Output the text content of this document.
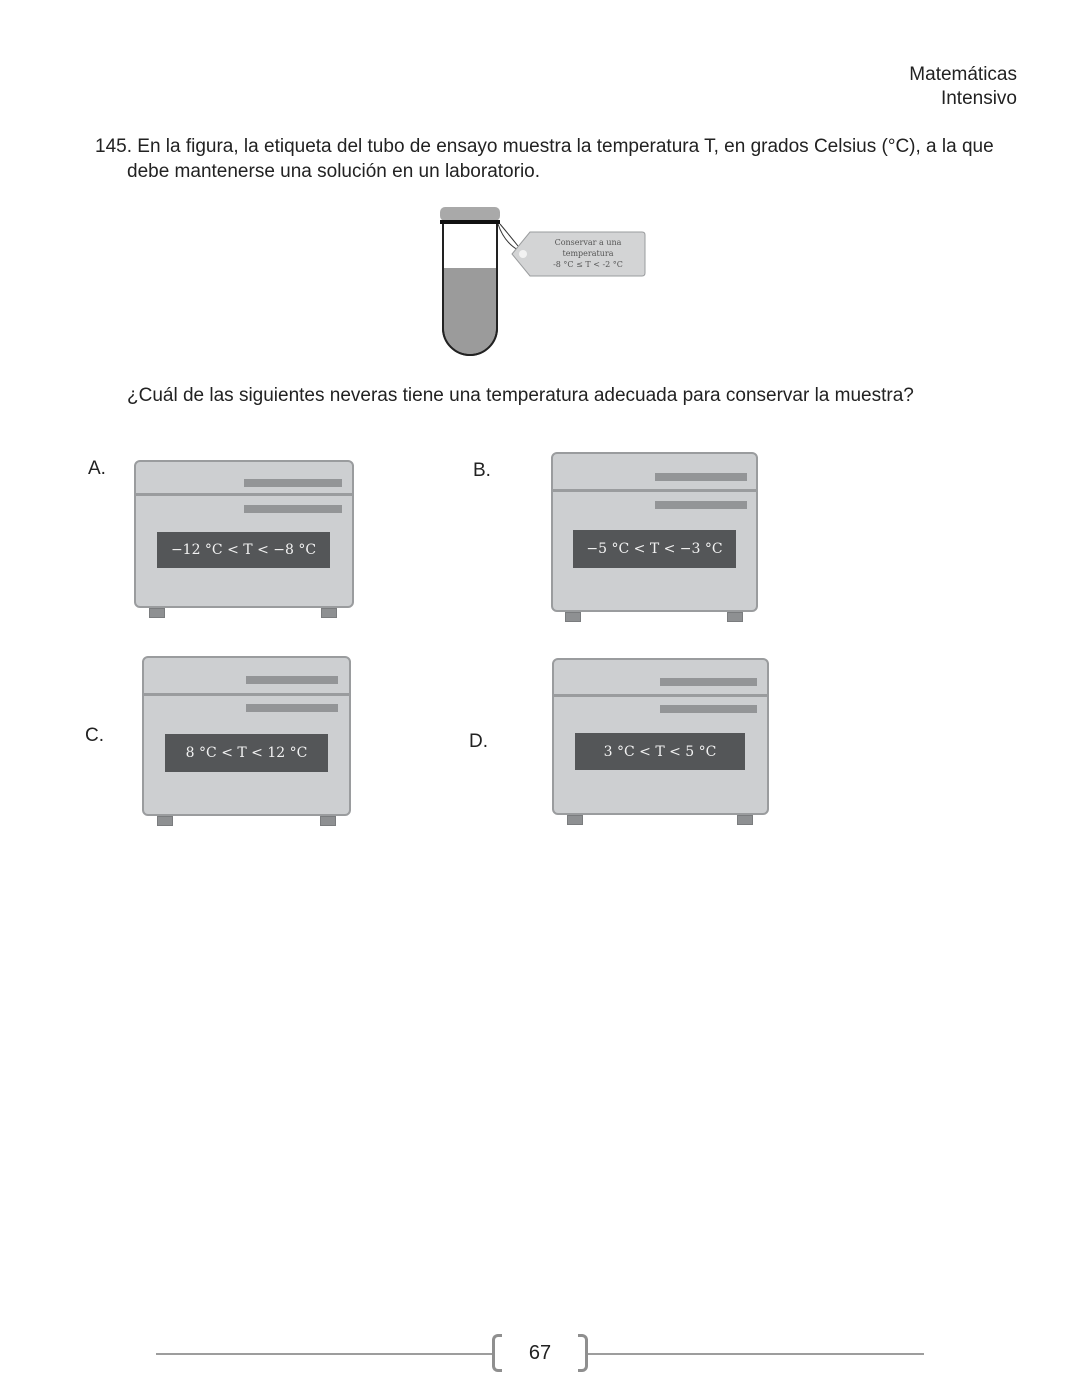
Matemáticas
Intensivo
145. En la figura, la etiqueta del tubo de ensayo muestra la temperatura T, en grados Celsius (°C), a la que
debe mantenerse una solución en un laboratorio.
Conservar a una
temperatura
-8 °C ≤ T < -2 °C
¿Cuál de las siguientes neveras tiene una temperatura adecuada para conservar la muestra?
A.
−12 °C < T < −8 °C
B.
−5 °C < T < −3 °C
C.
8 °C < T < 12 °C
D.	3 °C < T < 5 °C
67
